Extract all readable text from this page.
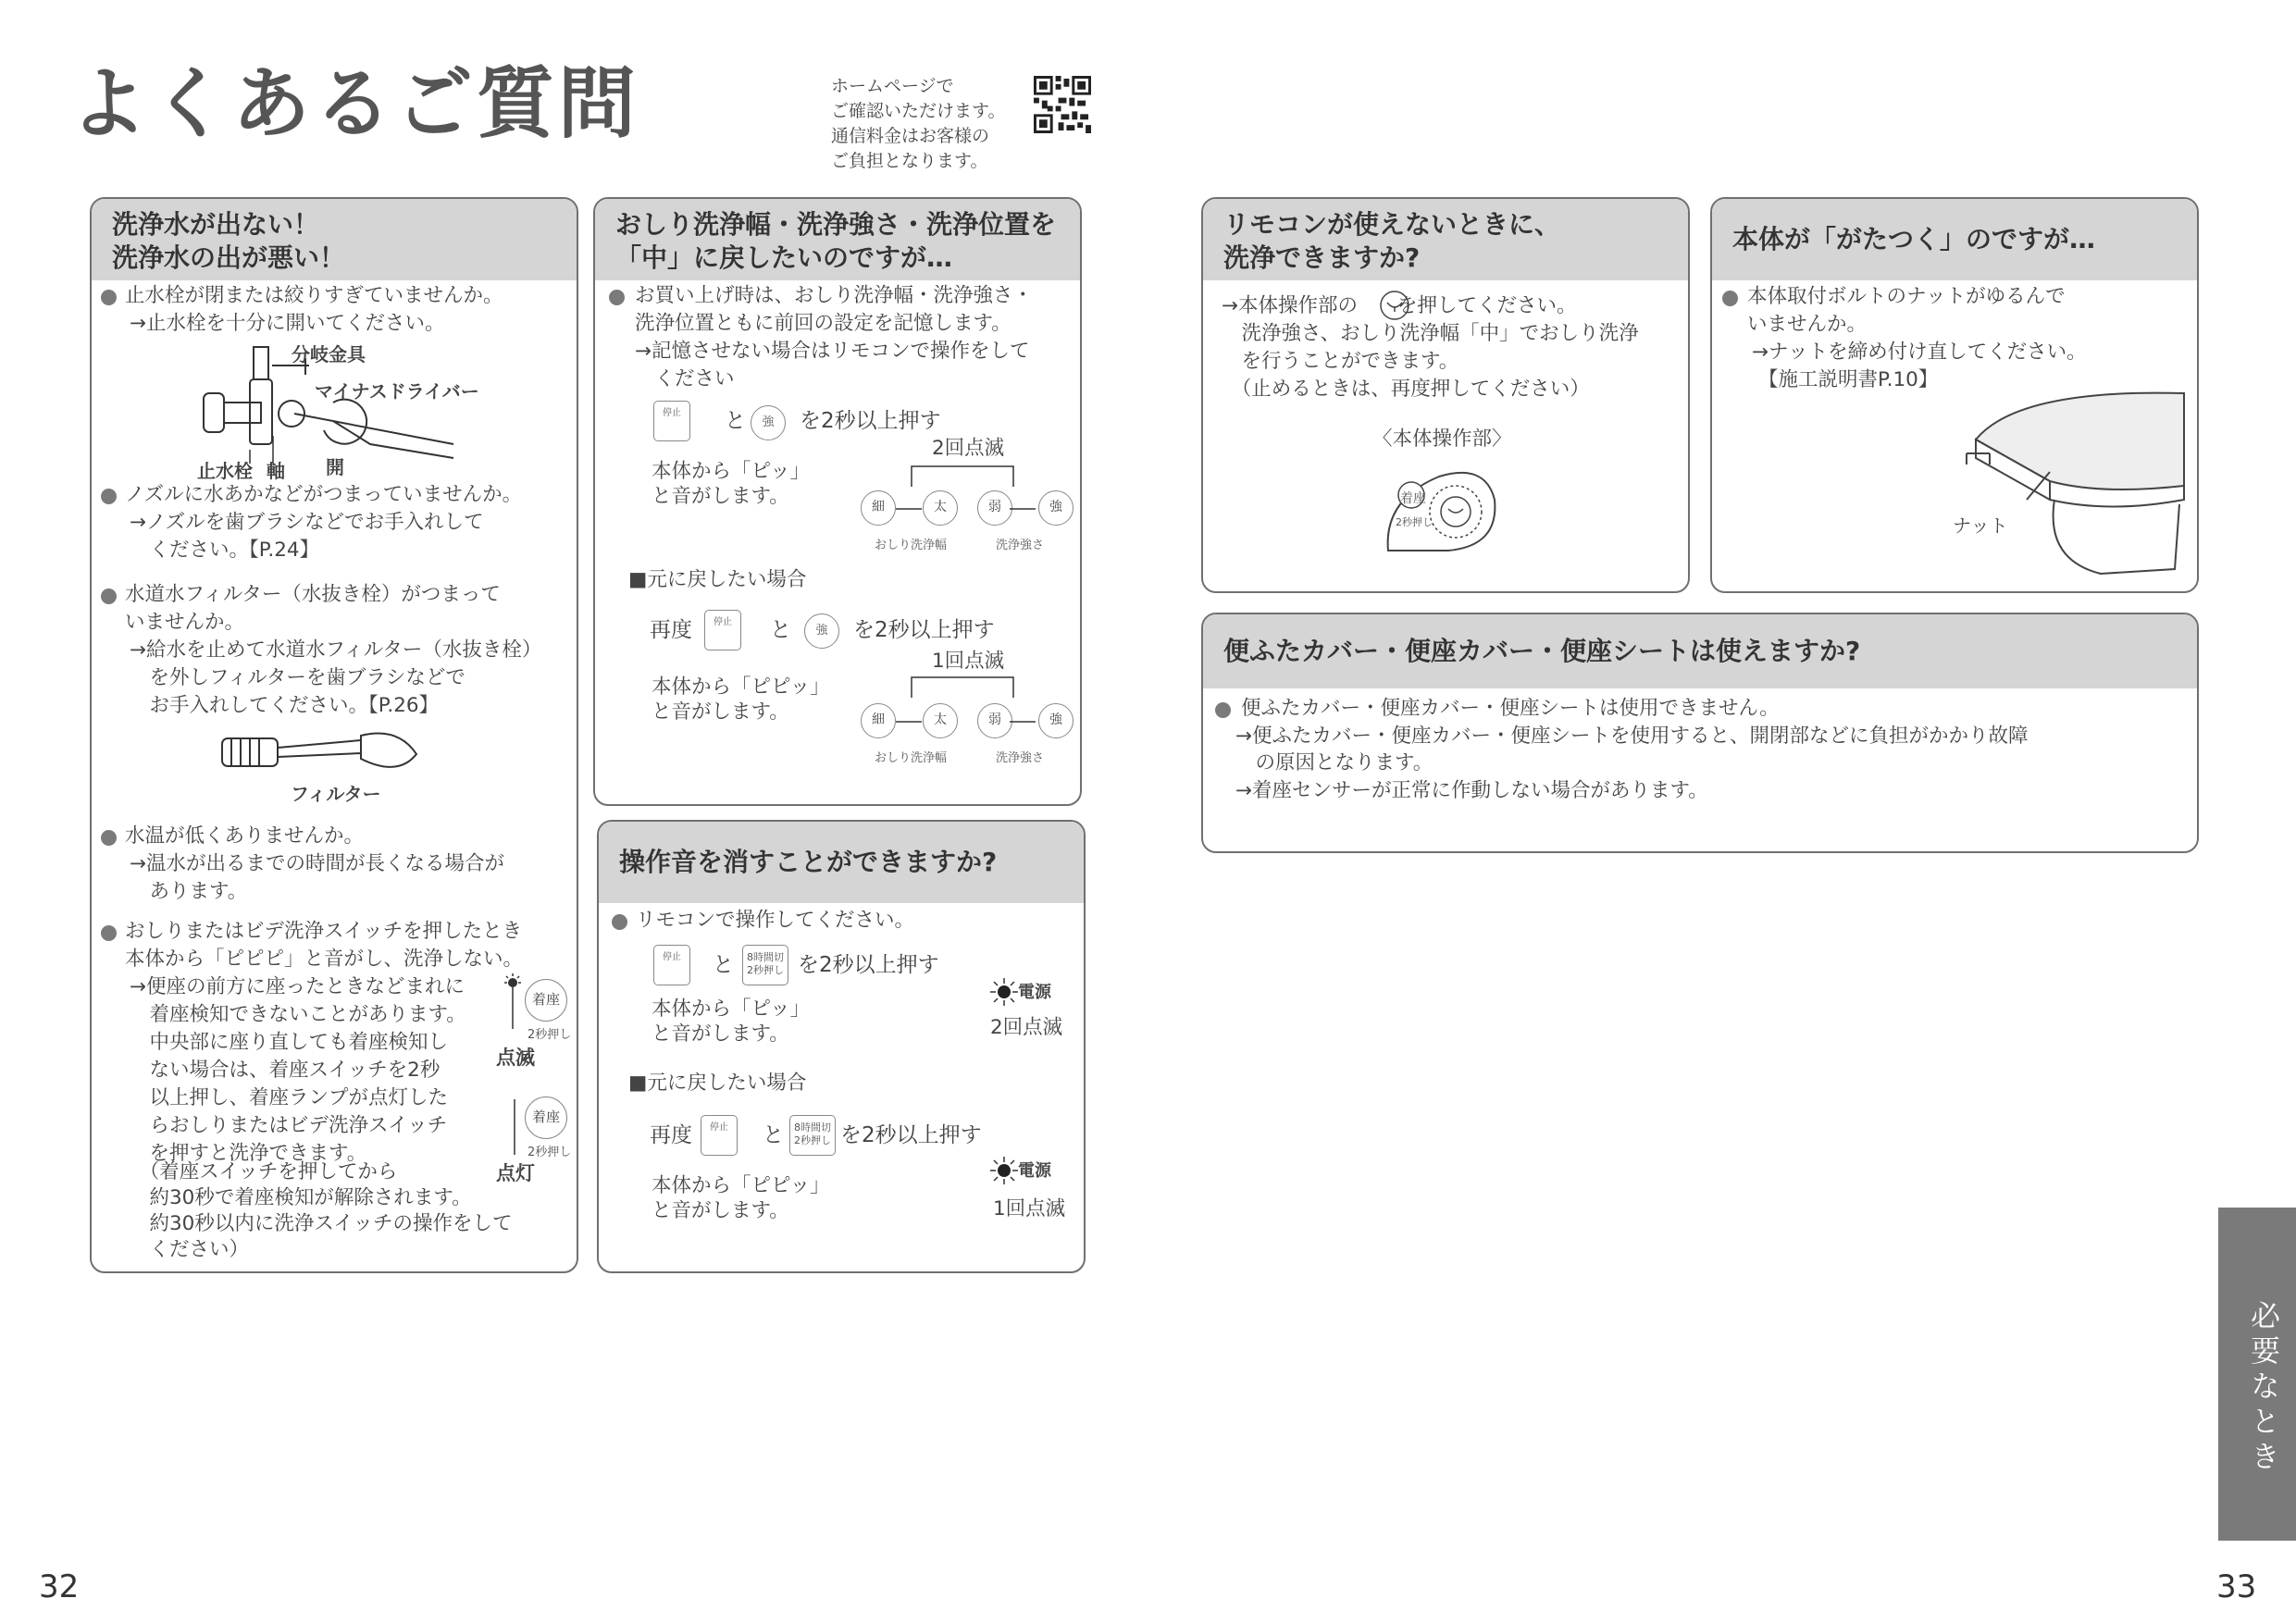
よくあるご質問	ホームページで
ご確認いただけます。
通信料金はお客様の
ご負担となります。
洗浄水が出ない！
洗浄水の出が悪い！
止水栓が閉または絞りすぎていませんか。
→止水栓を十分に開いてください。
分岐金具
マイナスドライバー
止水栓 軸 開
ノズルに水あかなどがつまっていませんか。
→ノズルを歯ブラシなどでお手入れして
　ください。【P.24】
水道水フィルター（水抜き栓）がつまって
いませんか。
→給水を止めて水道水フィルター（水抜き栓）
　を外しフィルターを歯ブラシなどで
　お手入れしてください。【P.26】
フィルター
水温が低くありませんか。
→温水が出るまでの時間が長くなる場合が
　あります。
おしりまたはビデ洗浄スイッチを押したとき
本体から「ピピピ」と音がし、洗浄しない。
→便座の前方に座ったときなどまれに
　着座検知できないことがあります。
　中央部に座り直しても着座検知し
　ない場合は、着座スイッチを2秒
　以上押し、着座ランプが点灯した
　らおしりまたはビデ洗浄スイッチ
　を押すと洗浄できます。
　（着座スイッチを押してから
　約30秒で着座検知が解除されます。
　約30秒以内に洗浄スイッチの操作をして
　ください）
着座
2秒押し
点滅
着座
2秒押し
点灯
おしり洗浄幅・洗浄強さ・洗浄位置を
「中」に戻したいのですが…
お買い上げ時は、おしり洗浄幅・洗浄強さ・
洗浄位置ともに前回の設定を記憶します。
→記憶させない場合はリモコンで操作をして
　ください
停止	と	強	を2秒以上押す
2回点滅
本体から「ピッ」
と音がします。	細	太	弱	強
おしり洗浄幅	洗浄強さ
■元に戻したい場合
再度	停止	と	強	を2秒以上押す
1回点滅
本体から「ピピッ」
と音がします。	細	太	弱	強
おしり洗浄幅	洗浄強さ
操作音を消すことができますか?
リモコンで操作してください。
停止	と	8時間切
2秒押し を2秒以上押す
本体から「ピッ」
と音がします。
電源
2回点滅
■元に戻したい場合
再度	停止	と	8時間切
2秒押し を2秒以上押す
本体から「ピピッ」
と音がします。
電源
1回点滅
リモコンが使えないときに、
洗浄できますか?
→本体操作部の　　を押してください。
　洗浄強さ、おしり洗浄幅「中」でおしり洗浄
　を行うことができます。
　（止めるときは、再度押してください）
〈本体操作部〉
着座
2秒押し
本体が「がたつく」のですが…
本体取付ボルトのナットがゆるんで
いませんか。
→ナットを締め付け直してください。
【施工説明書P.10】
ナット
便ふたカバー・便座カバー・便座シートは使えますか?
便ふたカバー・便座カバー・便座シートは使用できません。
→便ふたカバー・便座カバー・便座シートを使用すると、開閉部などに負担がかかり故障
　の原因となります。
→着座センサーが正常に作動しない場合があります。
必要なとき
32	33
